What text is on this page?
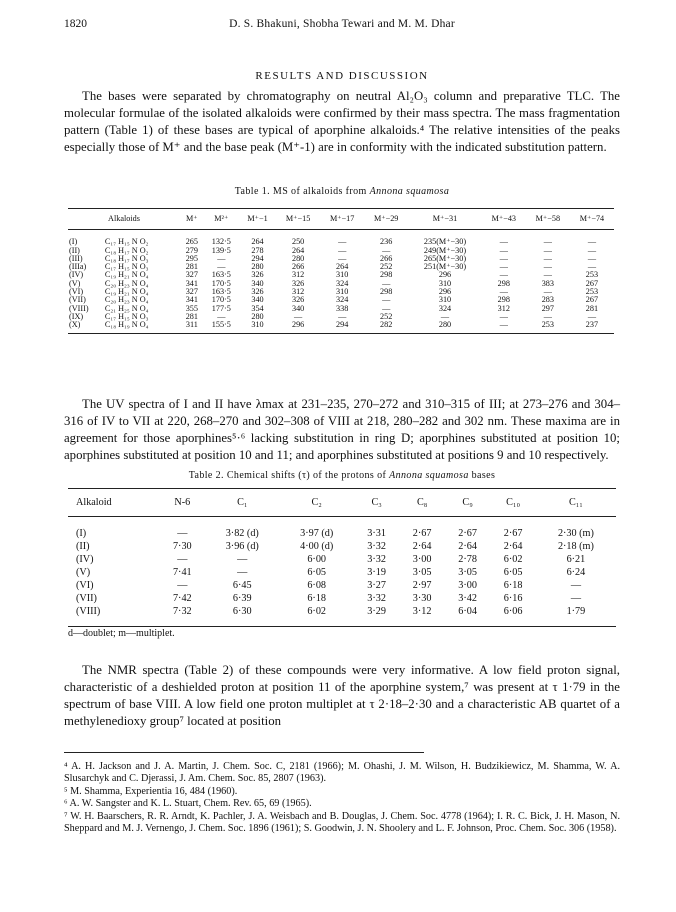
1820	D. S. Bhakuni, Shobha Tewari and M. M. Dhar
RESULTS AND DISCUSSION

The bases were separated by chromatography on neutral Al₂O₃ column and preparative TLC. The molecular formulae of the isolated alkaloids were confirmed by their mass spectra. The mass fragmentation pattern (Table 1) of these bases are typical of aporphine alkaloids.⁴ The relative intensities of the peaks especially those of M⁺ and the base peak (M⁺-1) are in conformity with the indicated substitution pattern.

Table 1. MS of alkaloids from Annona squamosa
Alkaloids		M⁺	M²⁺	M⁺−1	M⁺−15	M⁺−17	M⁺−29	M⁺−31	M⁺−43	M⁺−58	M⁺−74
(I)	C₁₇ H₁₅ N O₂	265	132·5	264	250	—	236	235(M⁺−30)	—	—	—
(II)	C₁₈ H₁₇ N O₂	279	139·5	278	264	—	—	249(M⁺−30)	—	—	—
(III)	C₁₈ H₁₇ N O₃	295	—	294	280	—	266	265(M⁺−30)	—	—	—
(IIIa)	C₁₇ H₁₅ N O₃	281	—	280	266	264	252	251(M⁺−30)	—	—	—
(IV)	C₁₉ H₂₁ N O₄	327	163·5	326	312	310	298	296	—	—	253
(V)	C₂₀ H₂₃ N O₄	341	170·5	340	326	324	—	310	298	383	267
(VI)	C₁₉ H₂₁ N O₄	327	163·5	326	312	310	298	296	—	—	253
(VII)	C₂₀ H₂₃ N O₄	341	170·5	340	326	324	—	310	298	283	267
(VIII)	C₂₁ H₂₅ N O₄	355	177·5	354	340	338	—	324	312	297	281
(IX)	C₁₇ H₁₅ N O₃	281	—	280	—	—	252	—	—	—	—
(X)	C₁₈ H₁₉ N O₄	311	155·5	310	296	294	282	280	—	253	237

The UV spectra of I and II have λmax at 231–235, 270–272 and 310–315 of III; at 273–276 and 304–316 of IV to VII at 220, 268–270 and 302–308 of VIII at 218, 280–282 and 302 nm. These maxima are in agreement for those aporphines⁵·⁶ lacking substitution in ring D; aporphines substituted at position 10; aporphines substituted at position 10 and 11; and aporphines substituted at positions 9 and 10 respectively.

Table 2. Chemical shifts (τ) of the protons of Annona squamosa bases
Alkaloid	N-6	C₁	C₂	C₃	C₈	C₉	C₁₀	C₁₁
(I)	—	3·82 (d)	3·97 (d)	3·31	2·67	2·67	2·67	2·30 (m)
(II)	7·30	3·96 (d)	4·00 (d)	3·32	2·64	2·64	2·64	2·18 (m)
(IV)	—	—	6·00	3·32	3·00	2·78	6·02	6·21
(V)	7·41	—	6·05	3·19	3·05	3·05	6·05	6·24
(VI)	—	6·45	6·08	3·27	2·97	3·00	6·18	—
(VII)	7·42	6·39	6·18	3·32	3·30	3·42	6·16	—
(VIII)	7·32	6·30	6·02	3·29	3·12	6·04	6·06	1·79
d—doublet; m—multiplet.

The NMR spectra (Table 2) of these compounds were very informative. A low field proton signal, characteristic of a deshielded proton at position 11 of the aporphine system,⁷ was present at τ 1·79 in the spectrum of base VIII. A low field one proton multiplet at τ 2·18–2·30 and a characteristic AB quartet of a methylenedioxy group⁷ located at position

⁴ A. H. Jackson and J. A. Martin, J. Chem. Soc. C, 2181 (1966); M. Ohashi, J. M. Wilson, H. Budzikiewicz, M. Shamma, W. A. Slusarchyk and C. Djerassi, J. Am. Chem. Soc. 85, 2807 (1963).

⁵ M. Shamma, Experientia 16, 484 (1960).

⁶ A. W. Sangster and K. L. Stuart, Chem. Rev. 65, 69 (1965).

⁷ W. H. Baarschers, R. R. Arndt, K. Pachler, J. A. Weisbach and B. Douglas, J. Chem. Soc. 4778 (1964); I. R. C. Bick, J. H. Mason, N. Sheppard and M. J. Vernengo, J. Chem. Soc. 1896 (1961); S. Goodwin, J. N. Shoolery and L. F. Johnson, Proc. Chem. Soc. 306 (1958).
